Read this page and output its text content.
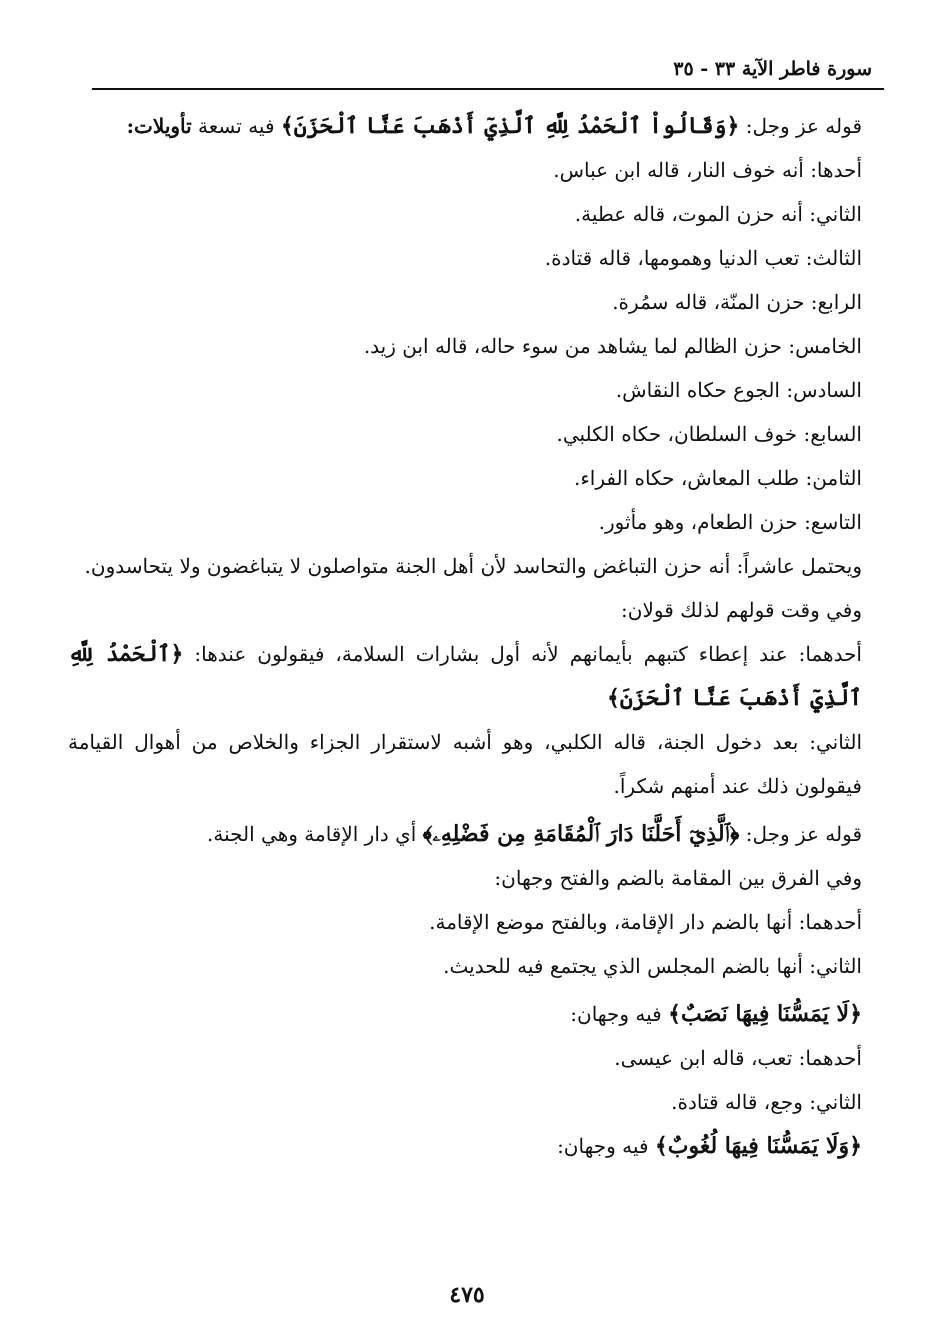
سورة فاطر الآية ٣٣ - ٣٥

قوله عز وجل: ﴿وَقَالُواْ ٱلْحَمْدُ لِلَّهِ ٱلَّذِيٓ أَذْهَبَ عَنَّا ٱلْحَزَنَ﴾ فيه تسعة تأويلات:

أحدها: أنه خوف النار، قاله ابن عباس.

الثاني: أنه حزن الموت، قاله عطية.

الثالث: تعب الدنيا وهمومها، قاله قتادة.

الرابع: حزن المنّة، قاله سمُرة.

الخامس: حزن الظالم لما يشاهد من سوء حاله، قاله ابن زيد.

السادس: الجوع حكاه النقاش.

السابع: خوف السلطان، حكاه الكلبي.

الثامن: طلب المعاش، حكاه الفراء.

التاسع: حزن الطعام، وهو مأثور.

ويحتمل عاشراً: أنه حزن التباغض والتحاسد لأن أهل الجنة متواصلون لا يتباغضون ولا يتحاسدون.

وفي وقت قولهم لذلك قولان:

أحدهما: عند إعطاء كتبهم بأيمانهم لأنه أول بشارات السلامة، فيقولون عندها: ﴿ٱلْحَمْدُ لِلَّهِ ٱلَّذِيٓ أَذْهَبَ عَنَّا ٱلْحَزَنَ﴾

الثاني: بعد دخول الجنة، قاله الكلبي، وهو أشبه لاستقرار الجزاء والخلاص من أهوال القيامة فيقولون ذلك عند أمنهم شكراً.

قوله عز وجل: ﴿ٱلَّذِيٓ أَحَلَّنَا دَارَ ٱلْمُقَامَةِ مِن فَضْلِهِۦ﴾ أي دار الإقامة وهي الجنة.

وفي الفرق بين المقامة بالضم والفتح وجهان:

أحدهما: أنها بالضم دار الإقامة، وبالفتح موضع الإقامة.

الثاني: أنها بالضم المجلس الذي يجتمع فيه للحديث.

﴿لَا يَمَسُّنَا فِيهَا نَصَبٌ﴾ فيه وجهان:

أحدهما: تعب، قاله ابن عيسى.

الثاني: وجع، قاله قتادة.

﴿وَلَا يَمَسُّنَا فِيهَا لُغُوبٌ﴾ فيه وجهان:

٤٧٥
